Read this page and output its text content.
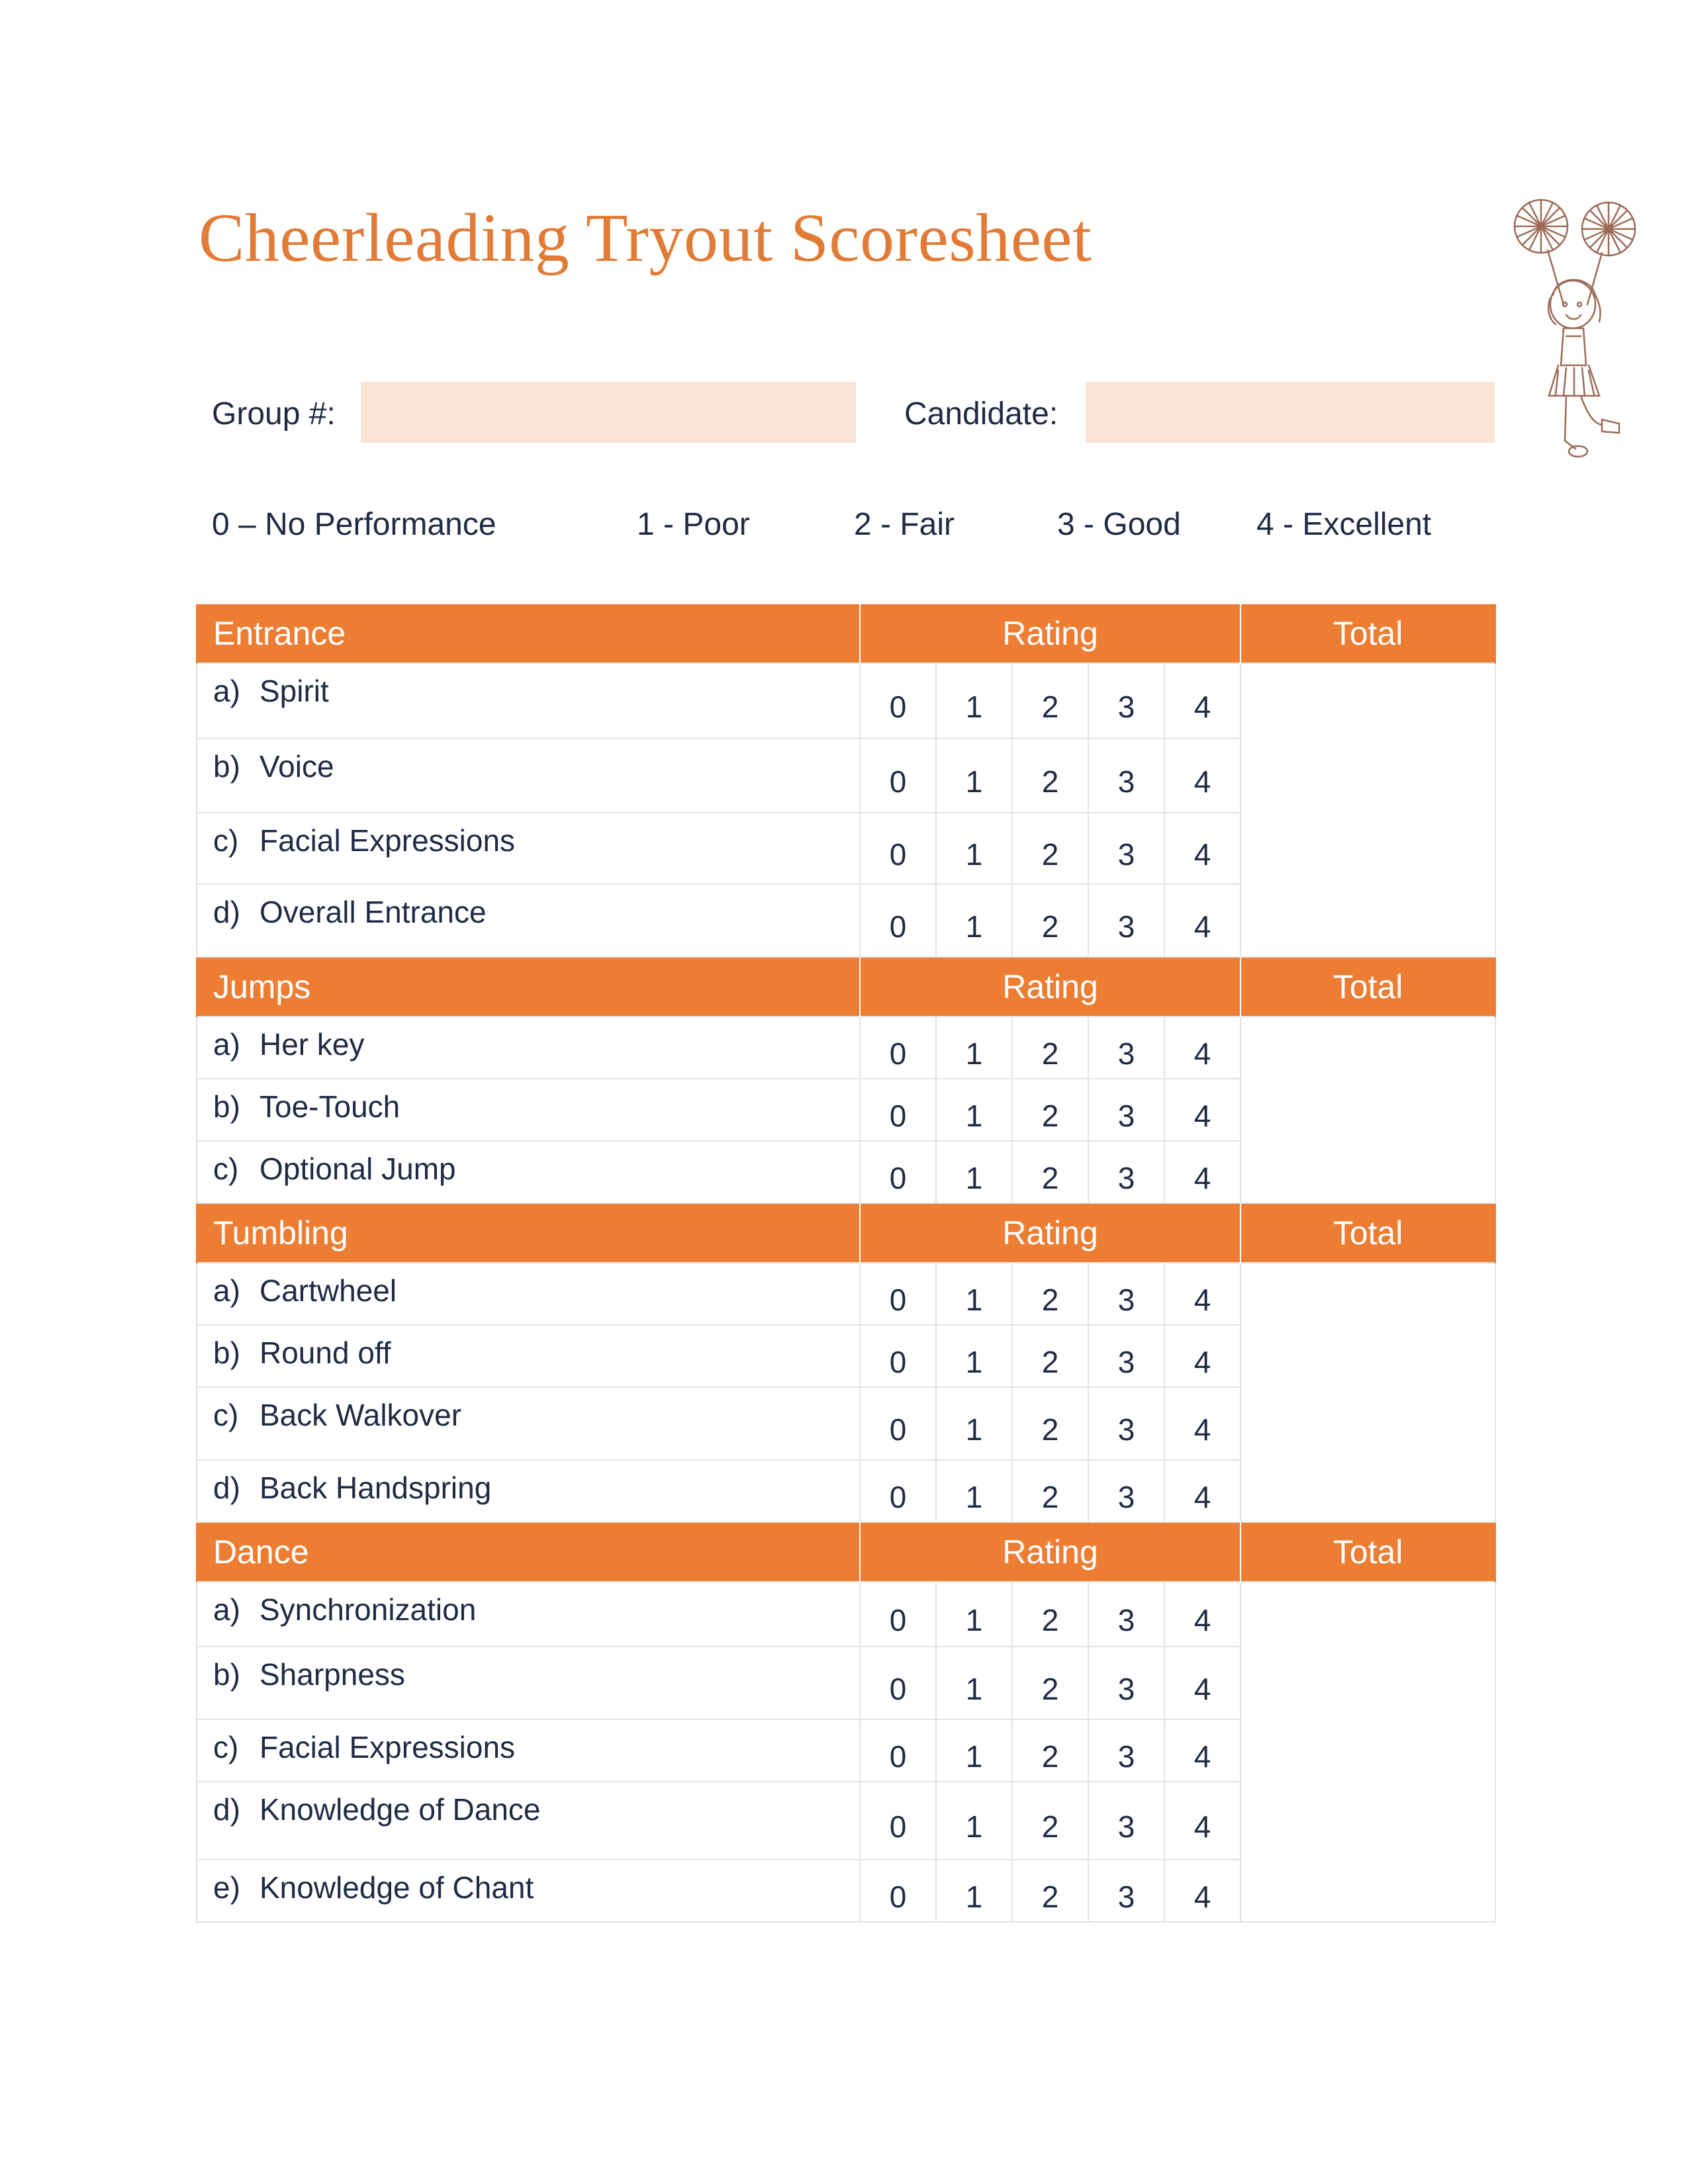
Cheerleading Tryout Scoresheet
Group #:	Candidate:
0 – No Performance	1 - Poor	2 - Fair	3 - Good 4 - Excellent
Entrance	Rating					Total
a) Spirit	0	1	2	3	4	
b) Voice	0	1	2	3	4	
c) Facial Expressions	0	1	2	3	4	
d) Overall Entrance	0	1	2	3	4	
Jumps	Rating					Total
a) Her key	0	1	2	3	4	
b) Toe-Touch	0	1	2	3	4	
c) Optional Jump	0	1	2	3	4	
Tumbling	Rating					Total
a) Cartwheel	0	1	2	3	4	
b) Round off	0	1	2	3	4	
c) Back Walkover	0	1	2	3	4	
d) Back Handspring	0	1	2	3	4	
Dance	Rating					Total
a) Synchronization	0	1	2	3	4	
b) Sharpness	0	1	2	3	4	
c) Facial Expressions	0	1	2	3	4	
d) Knowledge of Dance	0	1	2	3	4	
e) Knowledge of Chant	0	1	2	3	4	
